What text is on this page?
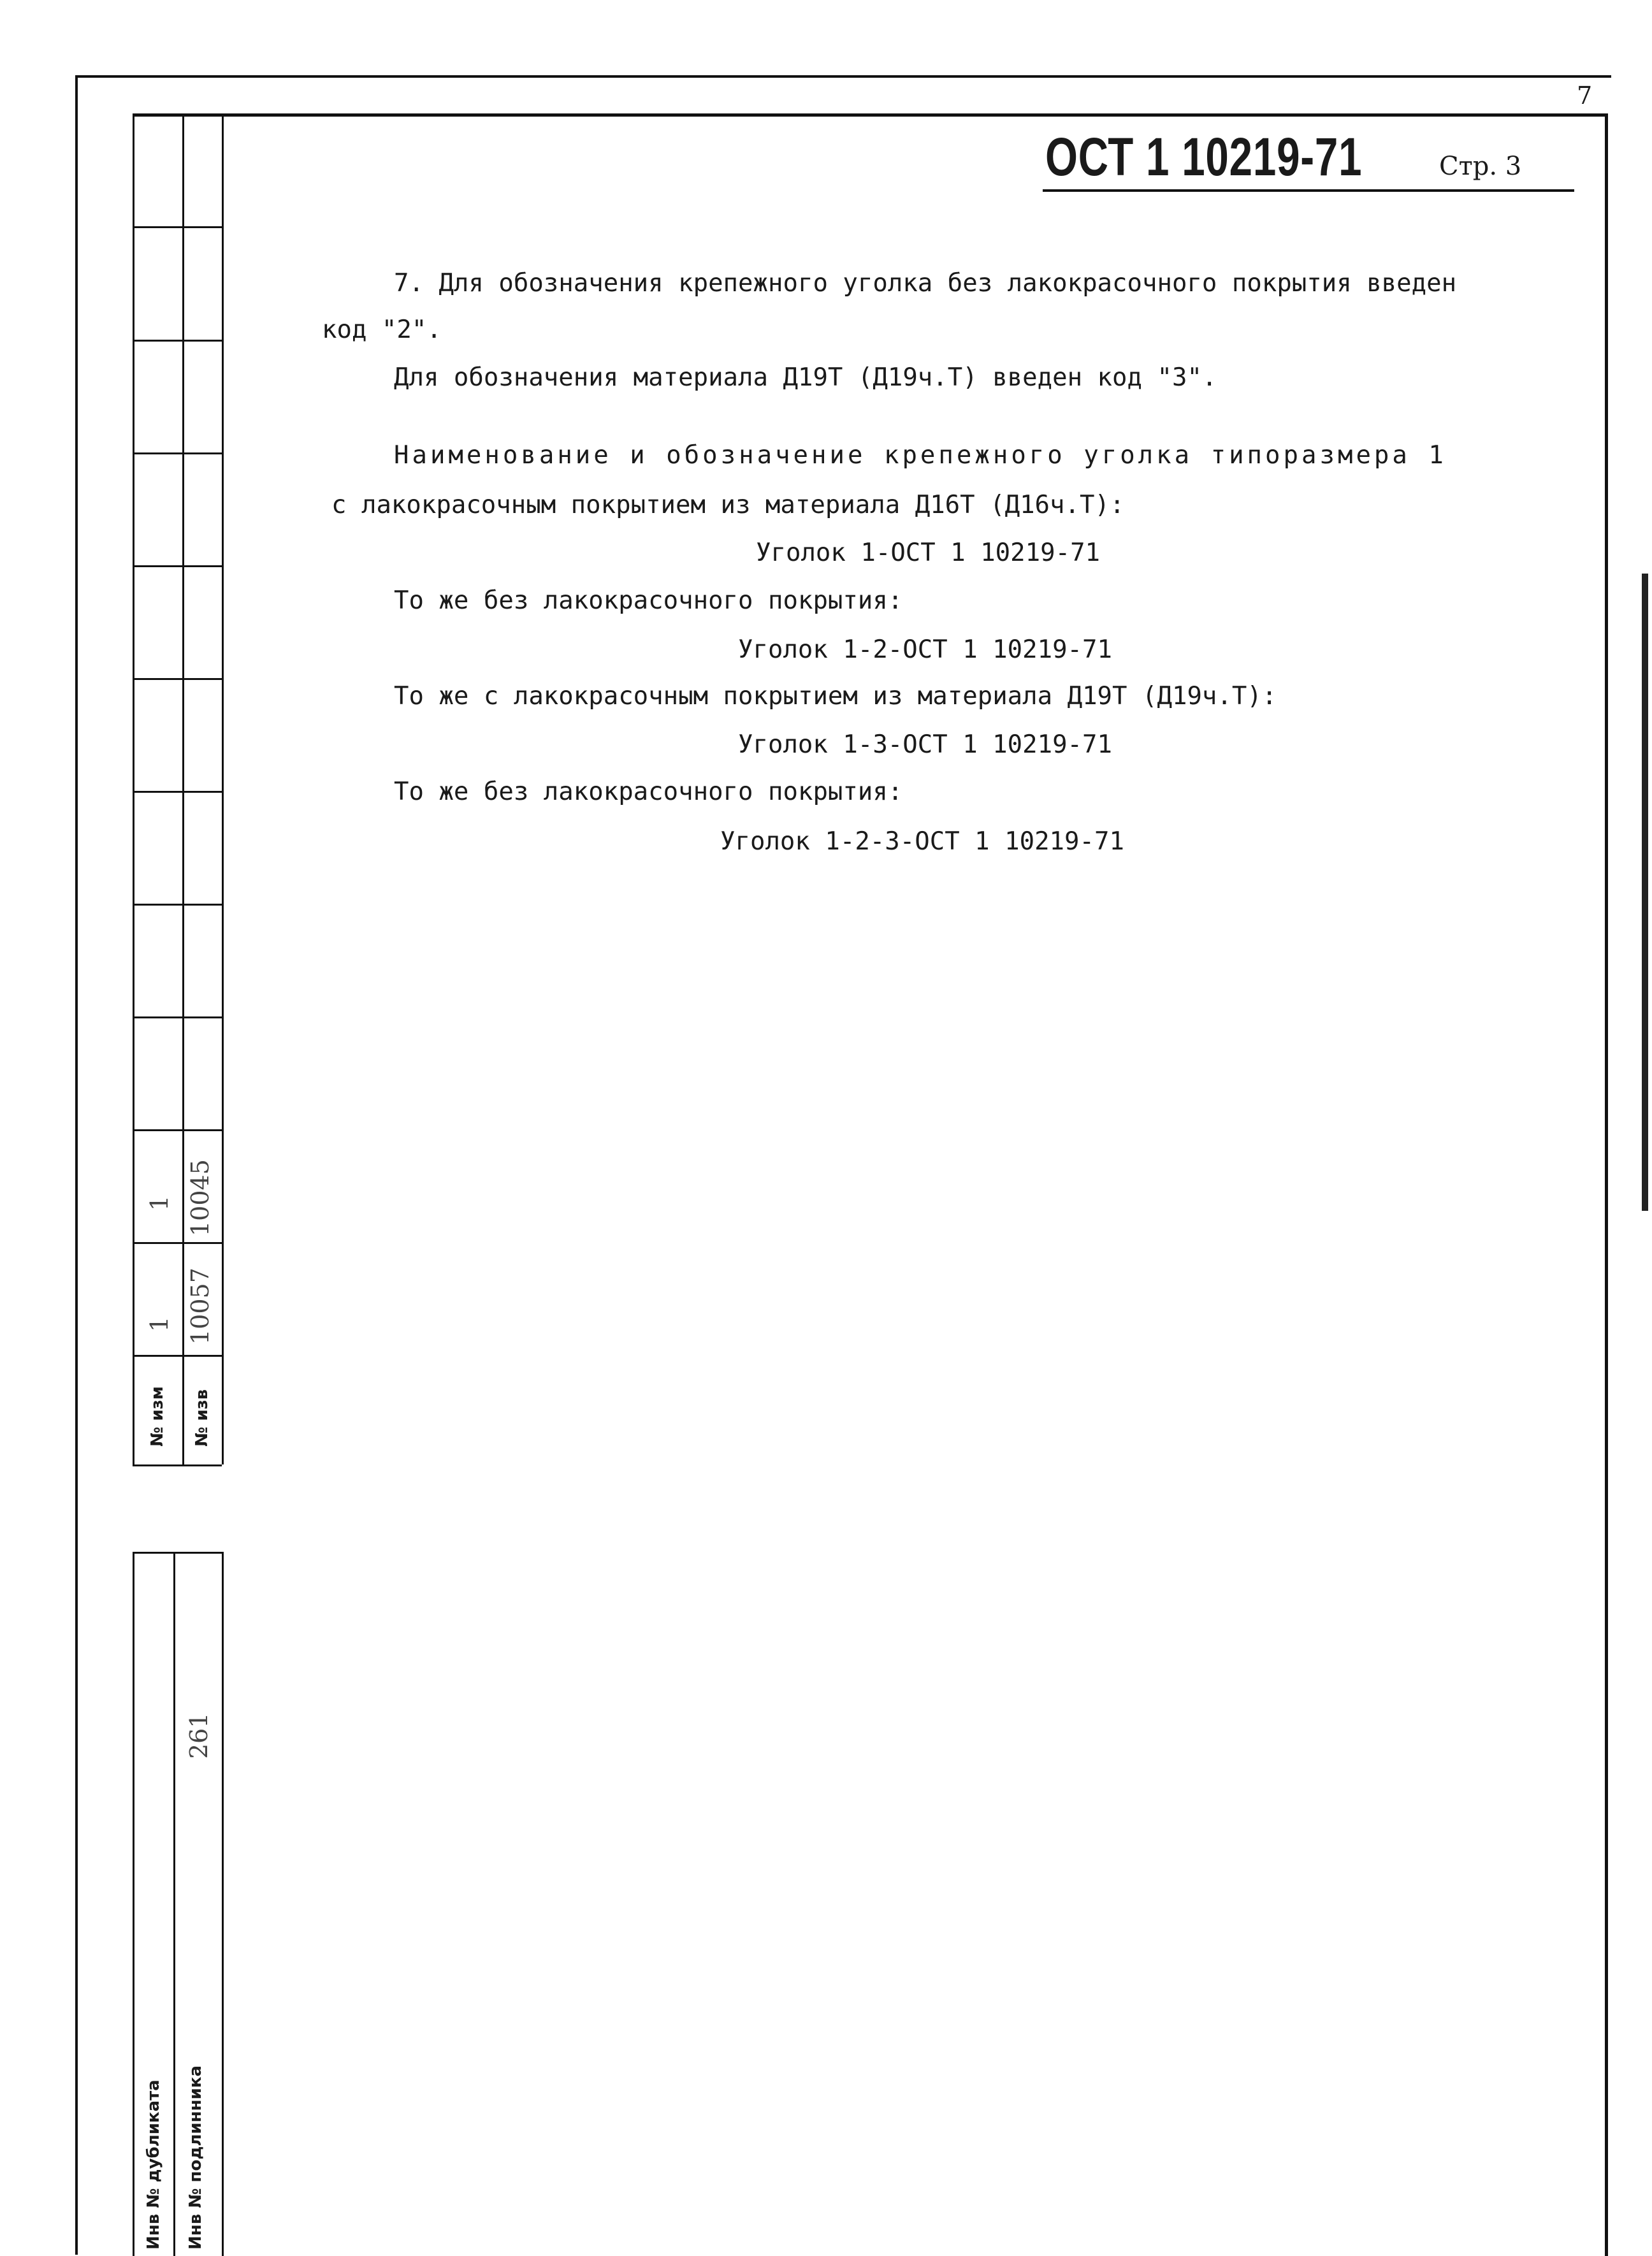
7
№ изм № изв
1
1
10057
10045
Инв № дубликата Инв № подлинника
261
ОСТ 1 10219-71	Стр. 3
7. Для обозначения крепежного уголка без лакокрасочного покрытия введен
код "2".
Для обозначения материала Д19Т (Д19ч.Т) введен код "3".
Наименование и обозначение крепежного уголка типоразмера 1
с лакокрасочным покрытием из материала Д16Т (Д16ч.Т):
Уголок 1-ОСТ 1 10219-71
То же без лакокрасочного покрытия:
Уголок 1-2-ОСТ 1 10219-71
То же с лакокрасочным покрытием из материала Д19Т (Д19ч.Т):
Уголок 1-3-ОСТ 1 10219-71
То же без лакокрасочного покрытия:
Уголок 1-2-3-ОСТ 1 10219-71
